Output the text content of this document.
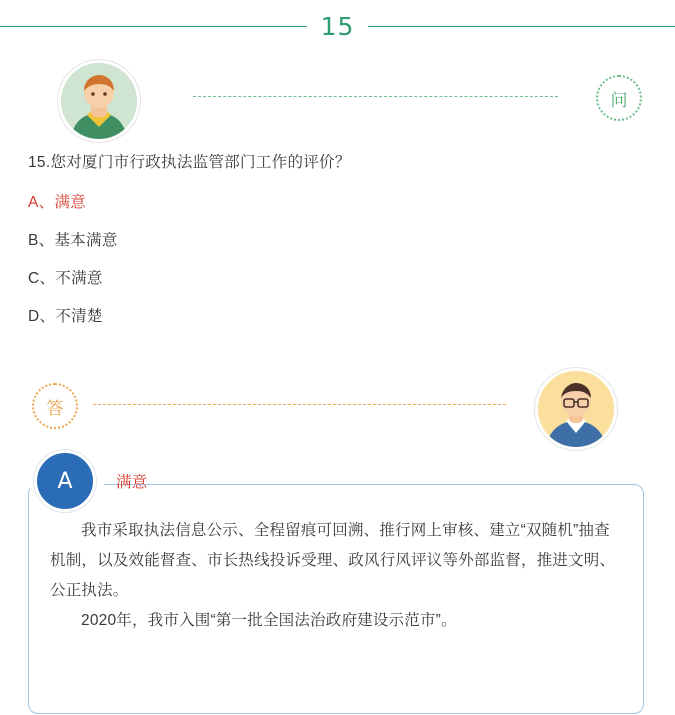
15
问
15.您对厦门市行政执法监管部门工作的评价？
A、满意
B、基本满意
C、不满意
D、不清楚
答
A	满意

我市采取执法信息公示、全程留痕可回溯、推行网上审核、建立“双随机”抽查机制，以及效能督查、市长热线投诉受理、政风行风评议等外部监督，推进文明、公正执法。

2020年，我市入围“第一批全国法治政府建设示范市”。
